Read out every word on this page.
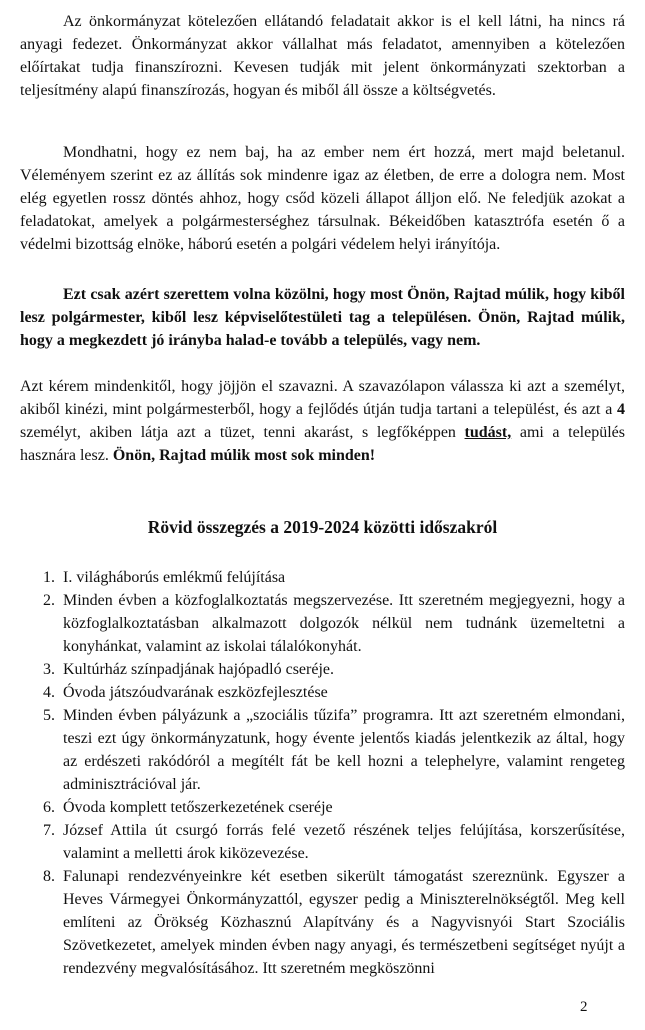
Az önkormányzat kötelezően ellátandó feladatait akkor is el kell látni, ha nincs rá anyagi fedezet. Önkormányzat akkor vállalhat más feladatot, amennyiben a kötelezően előírtakat tudja finanszírozni. Kevesen tudják mit jelent önkormányzati szektorban a teljesítmény alapú finanszírozás, hogyan és miből áll össze a költségvetés.

Mondhatni, hogy ez nem baj, ha az ember nem ért hozzá, mert majd beletanul. Véleményem szerint ez az állítás sok mindenre igaz az életben, de erre a dologra nem. Most elég egyetlen rossz döntés ahhoz, hogy csőd közeli állapot álljon elő. Ne feledjük azokat a feladatokat, amelyek a polgármesterséghez társulnak. Békeidőben katasztrófa esetén ő a védelmi bizottság elnöke, háború esetén a polgári védelem helyi irányítója.

Ezt csak azért szerettem volna közölni, hogy most Önön, Rajtad múlik, hogy kiből lesz polgármester, kiből lesz képviselőtestületi tag a településen. Önön, Rajtad múlik, hogy a megkezdett jó irányba halad-e tovább a település, vagy nem.

Azt kérem mindenkitől, hogy jöjjön el szavazni. A szavazólapon válassza ki azt a személyt, akiből kinézi, mint polgármesterből, hogy a fejlődés útján tudja tartani a települést, és azt a 4 személyt, akiben látja azt a tüzet, tenni akarást, s legfőképpen tudást, ami a település hasznára lesz. Önön, Rajtad múlik most sok minden!

Rövid összegzés a 2019-2024 közötti időszakról
1. I. világháborús emlékmű felújítása
2. Minden évben a közfoglalkoztatás megszervezése. Itt szeretném megjegyezni, hogy a közfoglalkoztatásban alkalmazott dolgozók nélkül nem tudnánk üzemeltetni a konyhánkat, valamint az iskolai tálalókonyhát.
3. Kultúrház színpadjának hajópadló cseréje.
4. Óvoda játszóudvarának eszközfejlesztése
5. Minden évben pályázunk a „szociális tűzifa” programra. Itt azt szeretném elmondani, teszi ezt úgy önkormányzatunk, hogy évente jelentős kiadás jelentkezik az által, hogy az erdészeti rakódóról a megítélt fát be kell hozni a telephelyre, valamint rengeteg adminisztrációval jár.
6. Óvoda komplett tetőszerkezetének cseréje
7. József Attila út csurgó forrás felé vezető részének teljes felújítása, korszerűsítése, valamint a melletti árok kiközevezése.
8. Falunapi rendezvényeinkre két esetben sikerült támogatást szereznünk. Egyszer a Heves Vármegyei Önkormányzattól, egyszer pedig a Miniszterelnökségtől. Meg kell említeni az Örökség Közhasznú Alapítvány és a Nagyvisnyói Start Szociális Szövetkezetet, amelyek minden évben nagy anyagi, és természetbeni segítséget nyújt a rendezvény megvalósításához. Itt szeretném megköszönni
2
